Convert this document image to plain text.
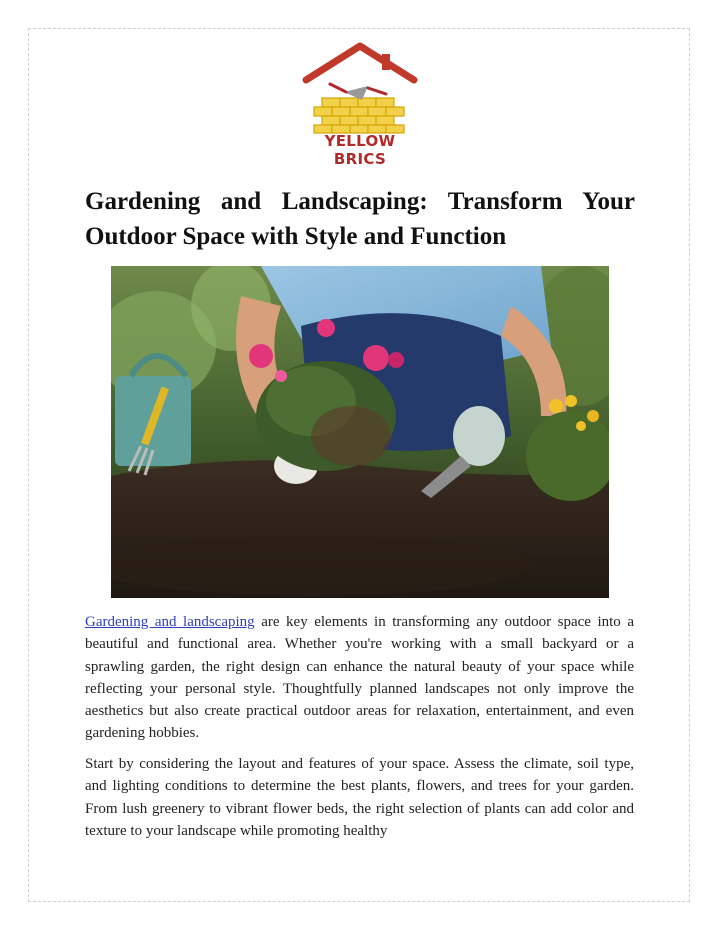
YELLOW BRICS
Gardening and Landscaping: Transform Your Outdoor Space with Style and Function

Gardening and landscaping are key elements in transforming any outdoor space into a beautiful and functional area. Whether you're working with a small backyard or a sprawling garden, the right design can enhance the natural beauty of your space while reflecting your personal style. Thoughtfully planned landscapes not only improve the aesthetics but also create practical outdoor areas for relaxation, entertainment, and even gardening hobbies.

Start by considering the layout and features of your space. Assess the climate, soil type, and lighting conditions to determine the best plants, flowers, and trees for your garden. From lush greenery to vibrant flower beds, the right selection of plants can add color and texture to your landscape while promoting healthy
